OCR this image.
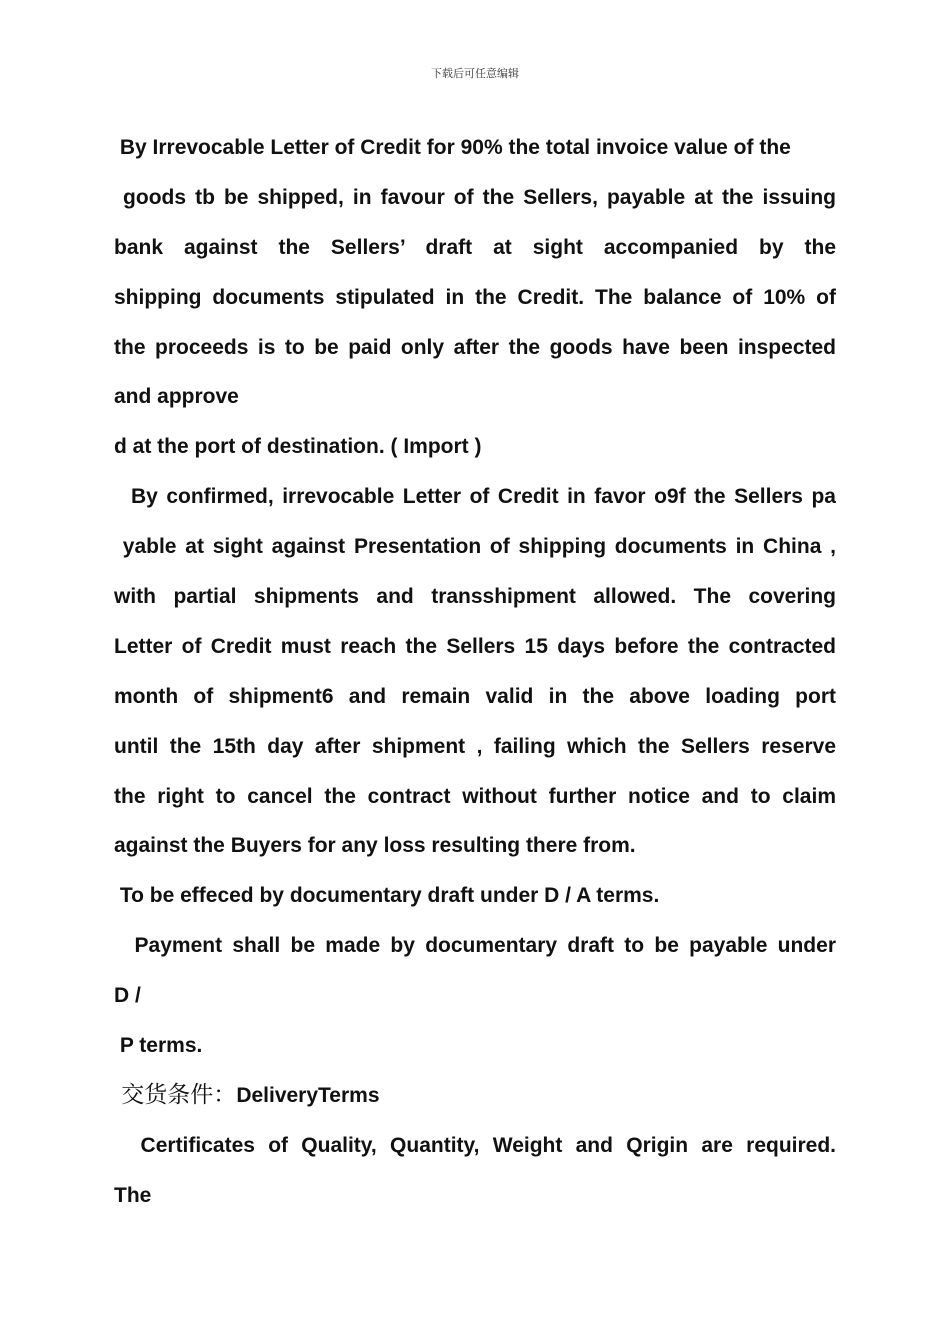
下载后可任意编辑
By Irrevocable Letter of Credit for 90% the total invoice value of the
goods tb be shipped, in favour of the Sellers, payable at the issuing
bank against the Sellers’ draft at sight accompanied by the
shipping documents stipulated in the Credit. The balance of 10% of
the proceeds is to be paid only after the goods have been inspected
and approve
d at the port of destination. ( Import )
By confirmed, irrevocable Letter of Credit in favor o9f the Sellers pa
yable at sight against Presentation of shipping documents in China ,
with partial shipments and transshipment allowed. The covering
Letter of Credit must reach the Sellers 15 days before the contracted
month of shipment6 and remain valid in the above loading port
until the 15th day after shipment , failing which the Sellers reserve
the right to cancel the contract without further notice and to claim
against the Buyers for any loss resulting there from.
To be effeced by documentary draft under D / A terms.
Payment shall be made by documentary draft to be payable under
D /
P terms.
交货条件：DeliveryTerms
Certificates of Quality, Quantity, Weight and Qrigin are required.
The
